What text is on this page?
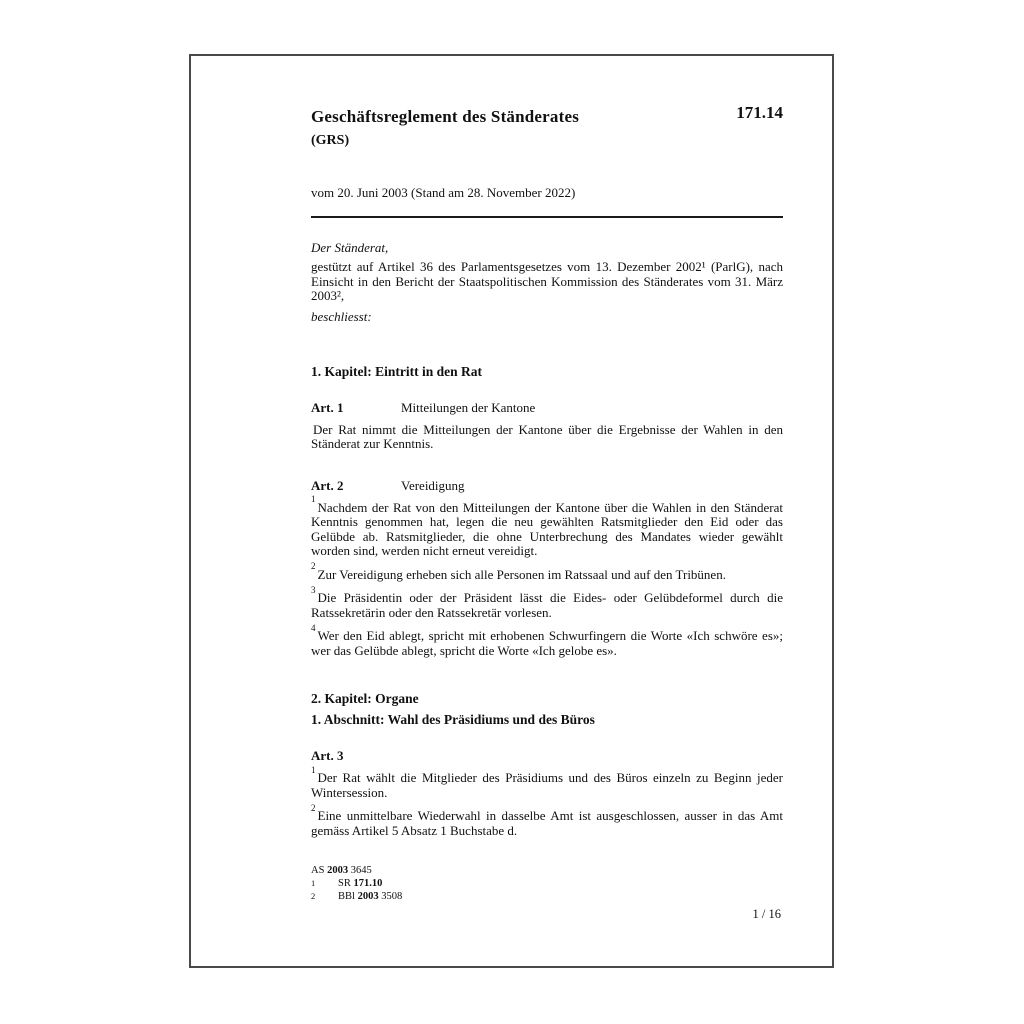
Geschäftsreglement des Ständerates	171.14
(GRS)
vom 20. Juni 2003 (Stand am 28. November 2022)
Der Ständerat,

gestützt auf Artikel 36 des Parlamentsgesetzes vom 13. Dezember 2002¹ (ParlG), nach Einsicht in den Bericht der Staatspolitischen Kommission des Ständerates vom 31. März 2003²,

beschliesst:
1. Kapitel: Eintritt in den Rat
Art. 1	Mitteilungen der Kantone

Der Rat nimmt die Mitteilungen der Kantone über die Ergebnisse der Wahlen in den Ständerat zur Kenntnis.

Art. 2	Vereidigung

$^1$Nachdem der Rat von den Mitteilungen der Kantone über die Wahlen in den Ständerat Kenntnis genommen hat, legen die neu gewählten Ratsmitglieder den Eid oder das Gelübde ab. Ratsmitglieder, die ohne Unterbrechung des Mandates wieder gewählt worden sind, werden nicht erneut vereidigt.

$^2$Zur Vereidigung erheben sich alle Personen im Ratssaal und auf den Tribünen.

$^3$Die Präsidentin oder der Präsident lässt die Eides- oder Gelübdeformel durch die Ratssekretärin oder den Ratssekretär vorlesen.

$^4$Wer den Eid ablegt, spricht mit erhobenen Schwurfingern die Worte «Ich schwöre es»; wer das Gelübde ablegt, spricht die Worte «Ich gelobe es».

2. Kapitel: Organe
1. Abschnitt: Wahl des Präsidiums und des Büros
Art. 3

$^1$Der Rat wählt die Mitglieder des Präsidiums und des Büros einzeln zu Beginn jeder Wintersession.

$^2$Eine unmittelbare Wiederwahl in dasselbe Amt ist ausgeschlossen, ausser in das Amt gemäss Artikel 5 Absatz 1 Buchstabe d.

AS 2003 3645
1	SR 171.10
2	BBl 2003 3508
1 / 16
